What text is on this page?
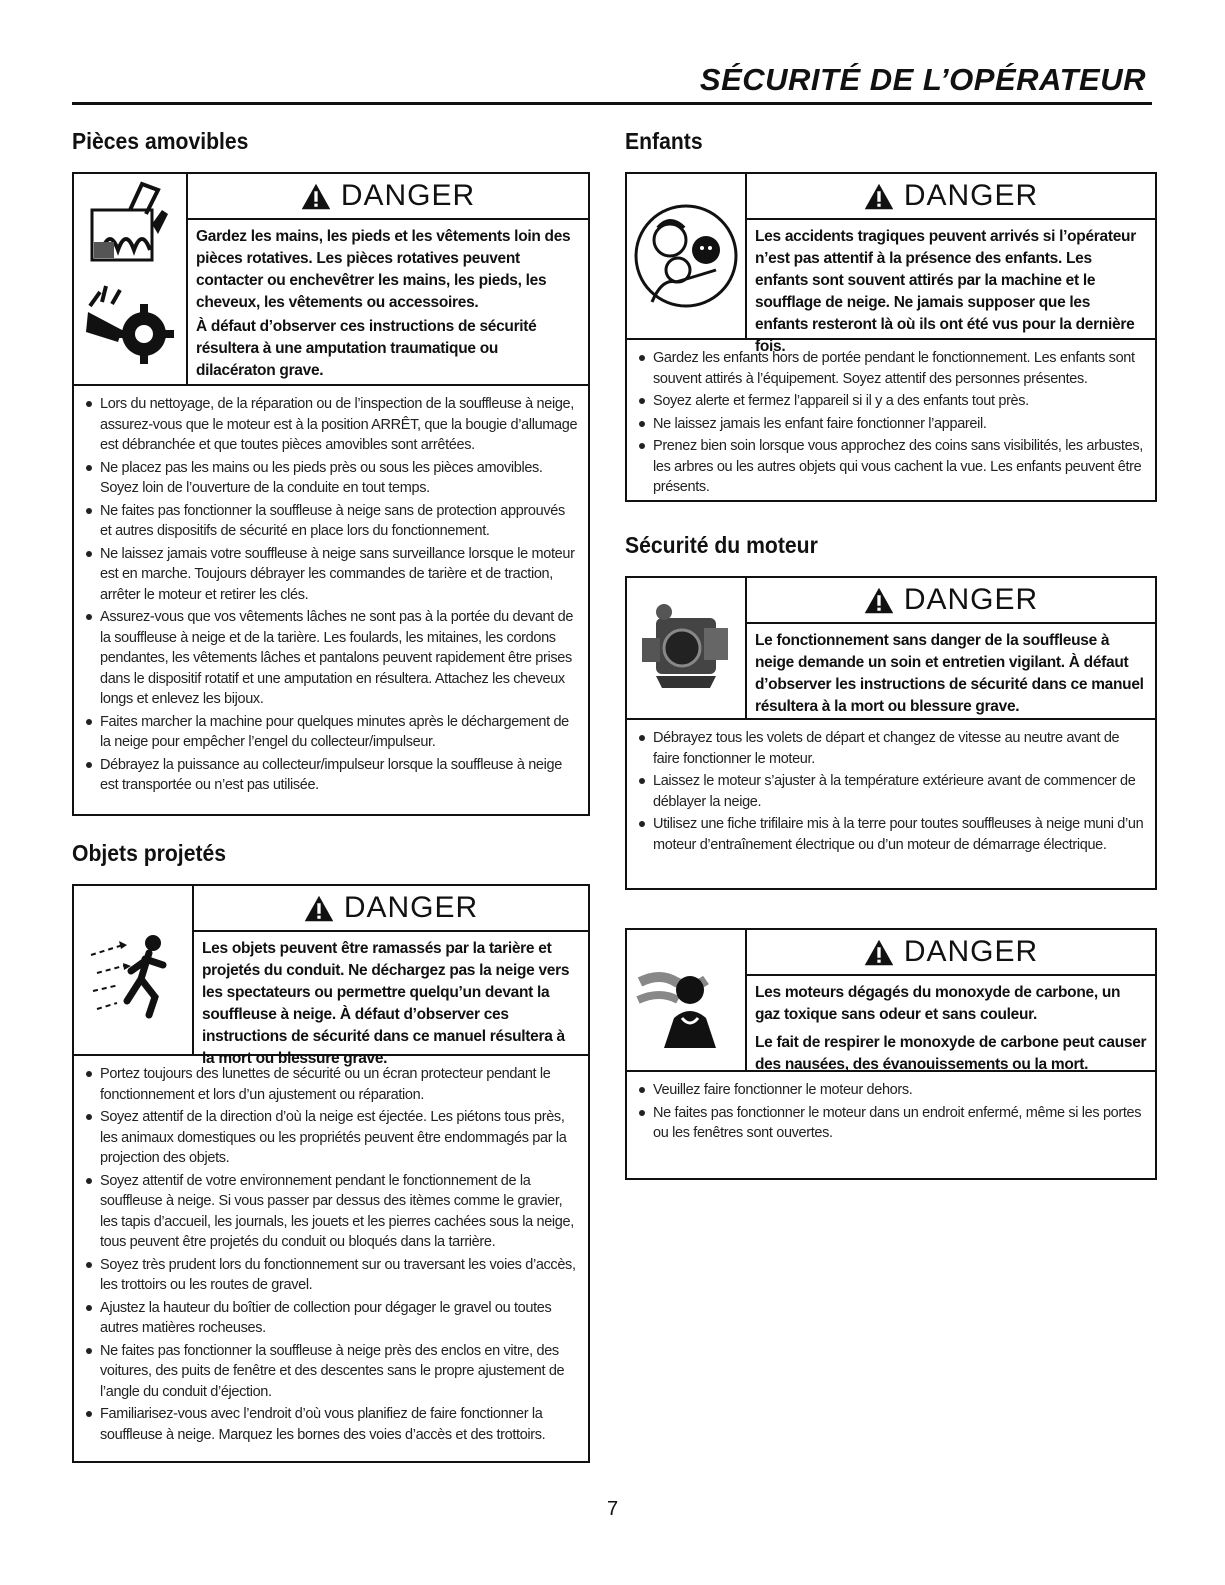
SÉCURITÉ DE L’OPÉRATEUR
Pièces amovibles
DANGER

Gardez les mains, les pieds et les vêtements loin des pièces rotatives. Les pièces rotatives peuvent contacter ou enchevêtrer les mains, les pieds, les cheveux, les vêtements ou accessoires.

À défaut d’observer ces instructions de sécurité résultera à une amputation traumatique ou dilacératon grave.

Lors du nettoyage, de la réparation ou de l’inspection de la souffleuse à neige, assurez-vous que le moteur est à la position ARRÊT, que la bougie d’allumage est débranchée et que toutes pièces amovibles sont arrêtées.
Ne placez pas les mains ou les pieds près ou sous les pièces amovibles. Soyez loin de l’ouverture de la conduite en tout temps.
Ne faites pas fonctionner la souffleuse à neige sans de protection approuvés et autres dispositifs de sécurité en place lors du fonctionnement.
Ne laissez jamais votre souffleuse à neige sans surveillance lorsque le moteur est en marche. Toujours débrayer les commandes de tarière et de traction, arrêter le moteur et retirer les clés.
Assurez-vous que vos vêtements lâches ne sont pas à la portée du devant de la souffleuse à neige et de la tarière. Les foulards, les mitaines, les cordons pendantes, les vêtements lâches et pantalons peuvent rapidement être prises dans le dispositif rotatif et une amputation en résultera. Attachez les cheveux longs et enlevez les bijoux.
Faites marcher la machine pour quelques minutes après le déchargement de la neige pour empêcher l’engel du collecteur/impulseur.
Débrayez la puissance au collecteur/impulseur lorsque la souffleuse à neige est transportée ou n’est pas utilisée.
Objets projetés
DANGER

Les objets peuvent être ramassés par la tarière et projetés du conduit. Ne déchargez pas la neige vers les spectateurs ou permettre quelqu’un devant la souffleuse à neige. À défaut d’observer ces instructions de sécurité dans ce manuel résultera à la mort ou blessure grave.

Portez toujours des lunettes de sécurité ou un écran protecteur pendant le fonctionnement et lors d’un ajustement ou réparation.
Soyez attentif de la direction d’où la neige est éjectée. Les piétons tous près, les animaux domestiques ou les propriétés peuvent être endommagés par la projection des objets.
Soyez attentif de votre environnement pendant le fonctionnement de la souffleuse à neige. Si vous passer par dessus des itèmes comme le gravier, les tapis d’accueil, les journals, les jouets et les pierres cachées sous la neige, tous peuvent être projetés du conduit ou bloqués dans la tarrière.
Soyez très prudent lors du fonctionnement sur ou traversant les voies d’accès, les trottoirs ou les routes de gravel.
Ajustez la hauteur du boîtier de collection pour dégager le gravel ou toutes autres matières rocheuses.
Ne faites pas fonctionner la souffleuse à neige près des enclos en vitre, des voitures, des puits de fenêtre et des descentes sans le propre ajustement de l’angle du conduit d’éjection.
Familiarisez-vous avec l’endroit d’où vous planifiez de faire fonctionner la souffleuse à neige. Marquez les bornes des voies d’accès et des trottoirs.
Enfants
DANGER

Les accidents tragiques peuvent arrivés si l’opérateur n’est pas attentif à la présence des enfants. Les enfants sont souvent attirés par la machine et le soufflage de neige. Ne jamais supposer que les enfants resteront là où ils ont été vus pour la dernière fois.

Gardez les enfants hors de portée pendant le fonctionnement. Les enfants sont souvent attirés à l’équipement. Soyez attentif des personnes présentes.
Soyez alerte et fermez l’appareil si il y a des enfants tout près.
Ne laissez jamais les enfant faire fonctionner l’appareil.
Prenez bien soin lorsque vous approchez des coins sans visibilités, les arbustes, les arbres ou les autres objets qui vous cachent la vue. Les enfants peuvent être présents.
Sécurité du moteur
DANGER

Le fonctionnement sans danger de la souffleuse à neige demande un soin et entretien vigilant. À défaut d’observer les instructions de sécurité dans ce manuel résultera à la mort ou blessure grave.

Débrayez tous les volets de départ et changez de vitesse au neutre avant de faire fonctionner le moteur.
Laissez le moteur s’ajuster à la température extérieure avant de commencer de déblayer la neige.
Utilisez une fiche trifilaire mis à la terre pour toutes souffleuses à neige muni d’un moteur d’entraînement électrique ou d’un moteur de démarrage électrique.
DANGER

Les moteurs dégagés du monoxyde de carbone, un gaz toxique sans odeur et sans couleur.

Le fait de respirer le monoxyde de carbone peut causer des nausées, des évanouissements ou la mort.

Veuillez faire fonctionner le moteur dehors.
Ne faites pas fonctionner le moteur dans un endroit enfermé, même si les portes ou les fenêtres sont ouvertes.
7
